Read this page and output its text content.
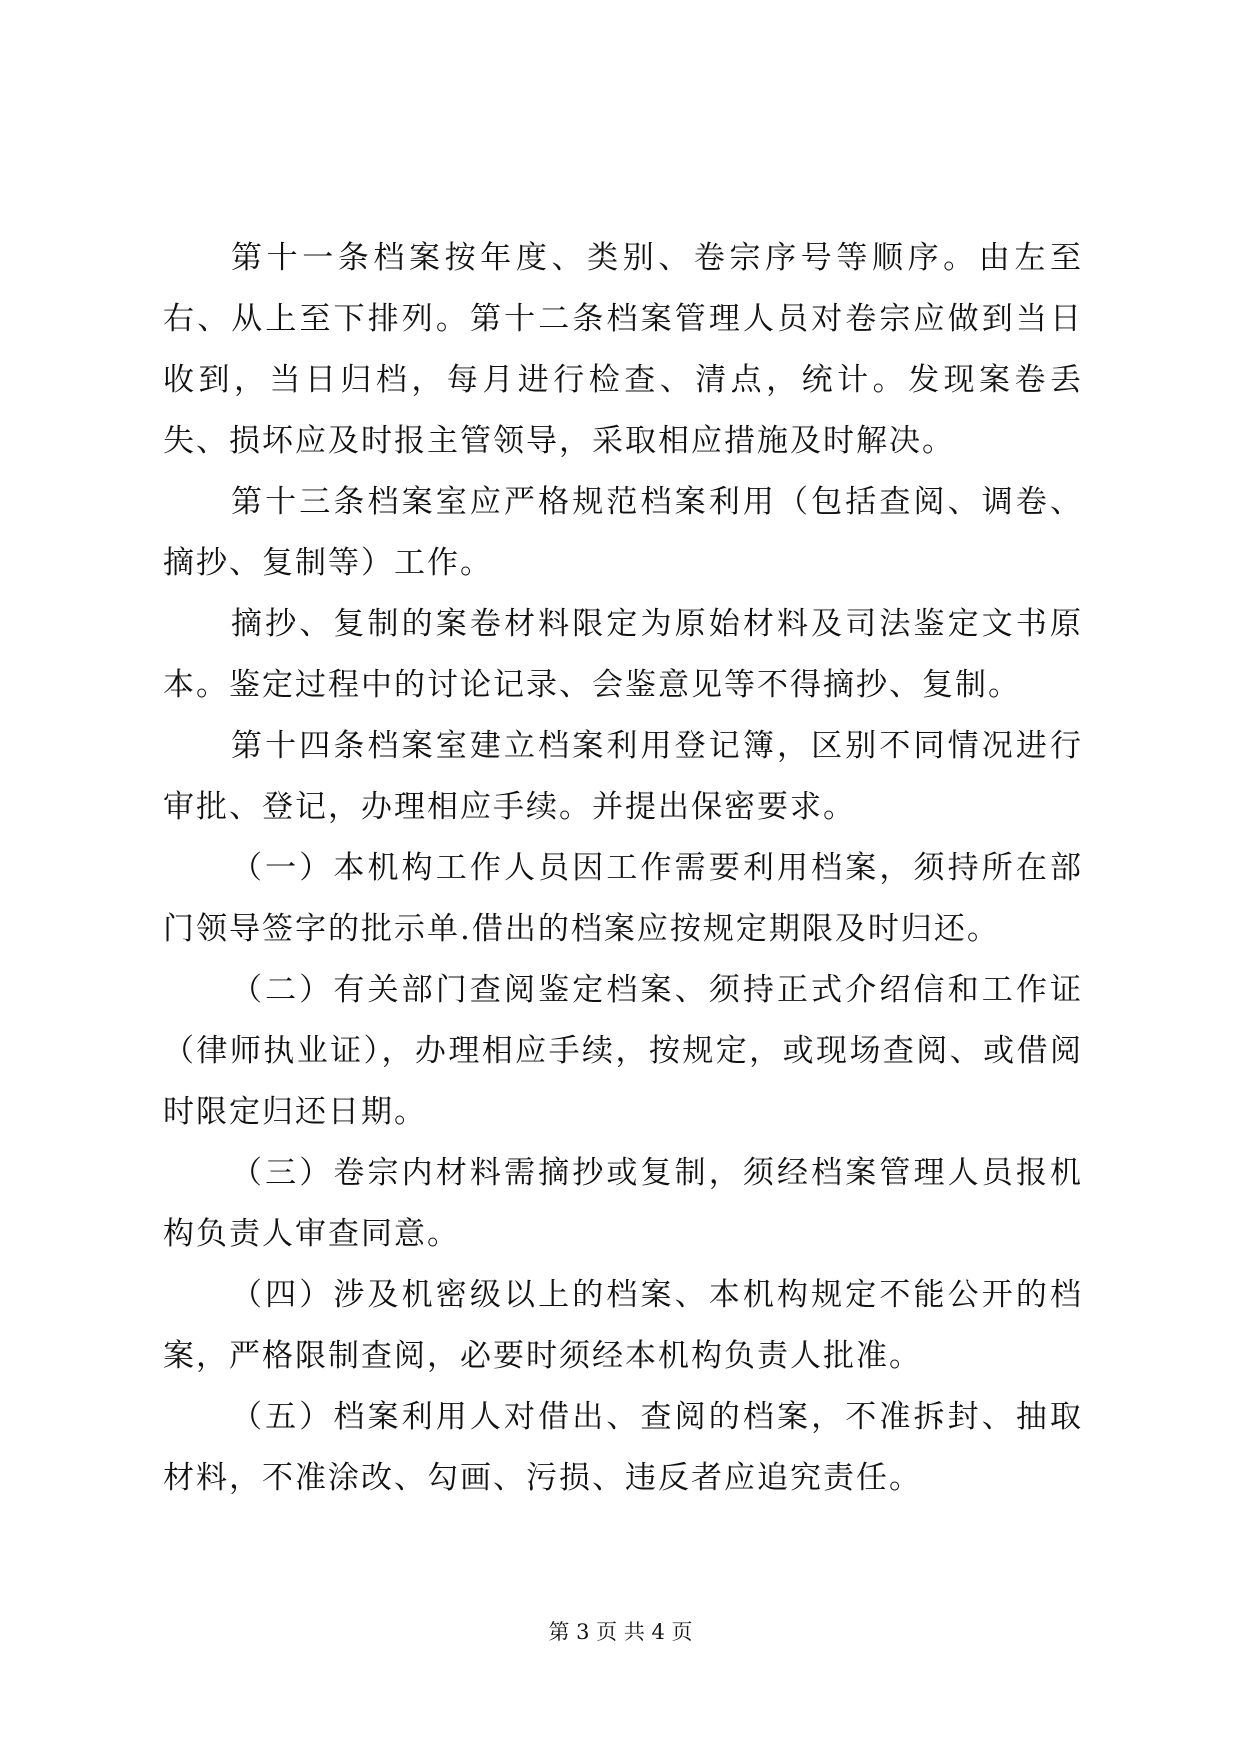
第十一条档案按年度、类别、卷宗序号等顺序。由左至右、从上至下排列。第十二条档案管理人员对卷宗应做到当日收到，当日归档，每月进行检查、清点，统计。发现案卷丢失、损坏应及时报主管领导，采取相应措施及时解决。

第十三条档案室应严格规范档案利用（包括查阅、调卷、摘抄、复制等）工作。

摘抄、复制的案卷材料限定为原始材料及司法鉴定文书原本。鉴定过程中的讨论记录、会鉴意见等不得摘抄、复制。

第十四条档案室建立档案利用登记簿，区别不同情况进行审批、登记，办理相应手续。并提出保密要求。

（一）本机构工作人员因工作需要利用档案，须持所在部门领导签字的批示单.借出的档案应按规定期限及时归还。

（二）有关部门查阅鉴定档案、须持正式介绍信和工作证（律师执业证），办理相应手续，按规定，或现场查阅、或借阅时限定归还日期。

（三）卷宗内材料需摘抄或复制，须经档案管理人员报机构负责人审查同意。

（四）涉及机密级以上的档案、本机构规定不能公开的档案，严格限制查阅，必要时须经本机构负责人批准。

（五）档案利用人对借出、查阅的档案，不准拆封、抽取材料，不准涂改、勾画、污损、违反者应追究责任。

第 3 页 共 4 页
